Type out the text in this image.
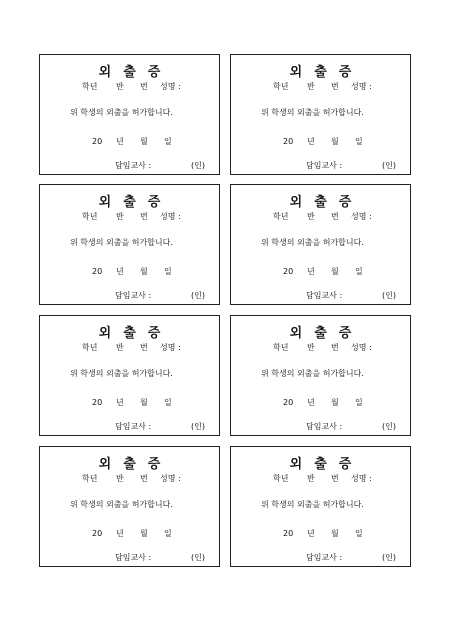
외출증
학년 반 번 성명 :
위 학생의 외출을 허가합니다.
20 년 월 일
담임교사 :	(인)
외출증
학년 반 번 성명 :
위 학생의 외출을 허가합니다.
20 년 월 일
담임교사 :	(인)
외출증
학년 반 번 성명 :
위 학생의 외출을 허가합니다.
20 년 월 일
담임교사 :	(인)
외출증
학년 반 번 성명 :
위 학생의 외출을 허가합니다.
20 년 월 일
담임교사 :	(인)
외출증
학년 반 번 성명 :
위 학생의 외출을 허가합니다.
20 년 월 일
담임교사 :	(인)
외출증
학년 반 번 성명 :
위 학생의 외출을 허가합니다.
20 년 월 일
담임교사 :	(인)
외출증
학년 반 번 성명 :
위 학생의 외출을 허가합니다.
20 년 월 일
담임교사 :	(인)
외출증
학년 반 번 성명 :
위 학생의 외출을 허가합니다.
20 년 월 일
담임교사 :	(인)
